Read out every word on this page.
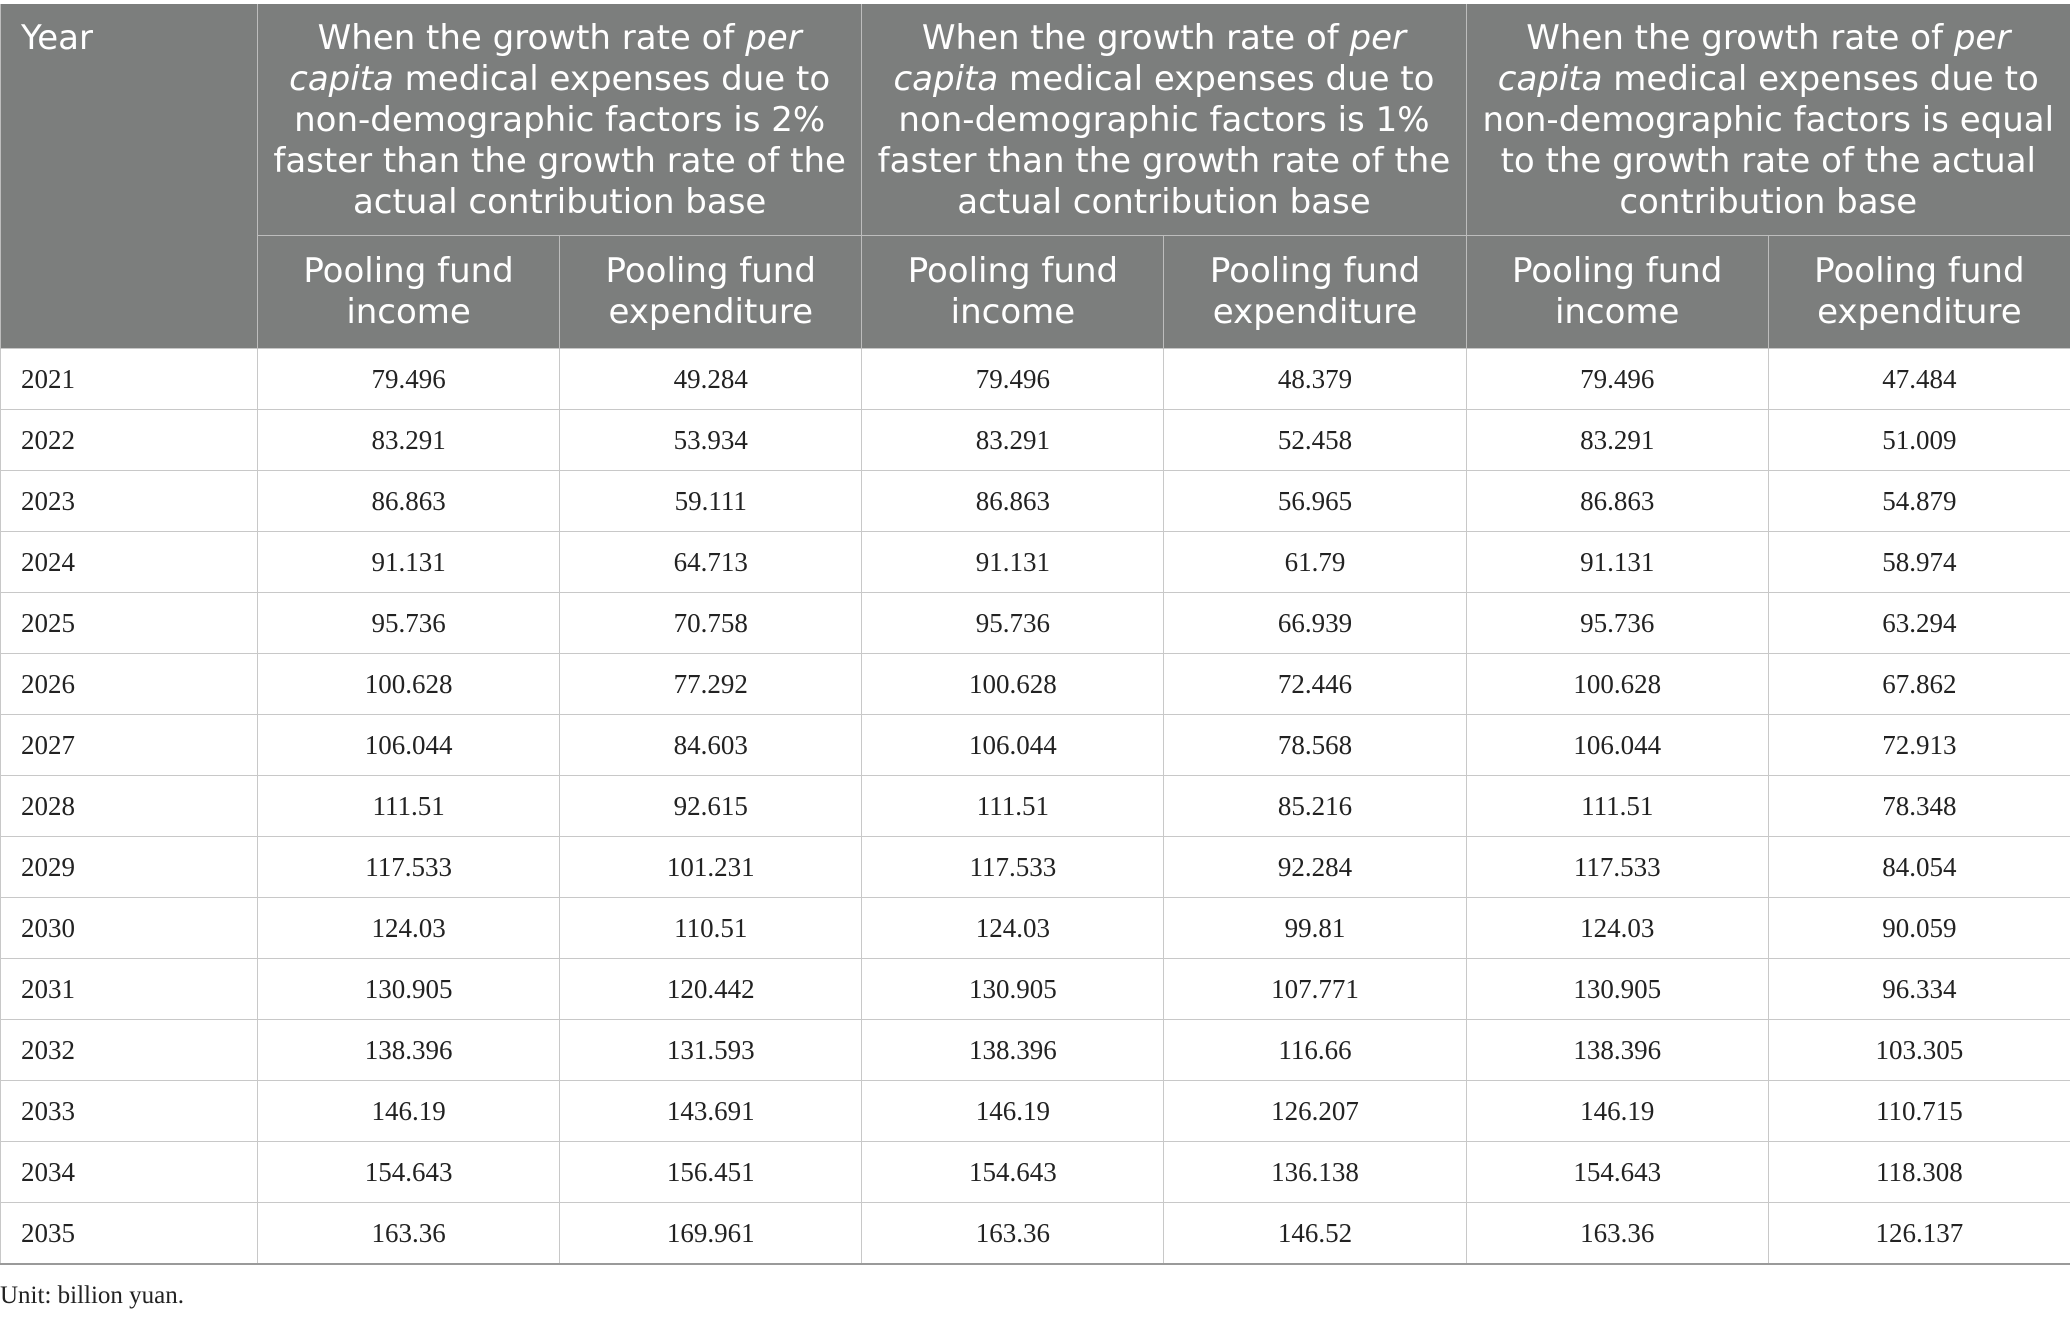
Year	When the growth rate of per capita medical expenses due to non-demographic factors is 2% faster than the growth rate of the actual contribution base		When the growth rate of per capita medical expenses due to non-demographic factors is 1% faster than the growth rate of the actual contribution base		When the growth rate of per capita medical expenses due to non-demographic factors is equal to the growth rate of the actual contribution base	
	Pooling fund income	Pooling fund expenditure	Pooling fund income	Pooling fund expenditure	Pooling fund income	Pooling fund expenditure
2021	79.496	49.284	79.496	48.379	79.496	47.484
2022	83.291	53.934	83.291	52.458	83.291	51.009
2023	86.863	59.111	86.863	56.965	86.863	54.879
2024	91.131	64.713	91.131	61.79	91.131	58.974
2025	95.736	70.758	95.736	66.939	95.736	63.294
2026	100.628	77.292	100.628	72.446	100.628	67.862
2027	106.044	84.603	106.044	78.568	106.044	72.913
2028	111.51	92.615	111.51	85.216	111.51	78.348
2029	117.533	101.231	117.533	92.284	117.533	84.054
2030	124.03	110.51	124.03	99.81	124.03	90.059
2031	130.905	120.442	130.905	107.771	130.905	96.334
2032	138.396	131.593	138.396	116.66	138.396	103.305
2033	146.19	143.691	146.19	126.207	146.19	110.715
2034	154.643	156.451	154.643	136.138	154.643	118.308
2035	163.36	169.961	163.36	146.52	163.36	126.137
Unit: billion yuan.
